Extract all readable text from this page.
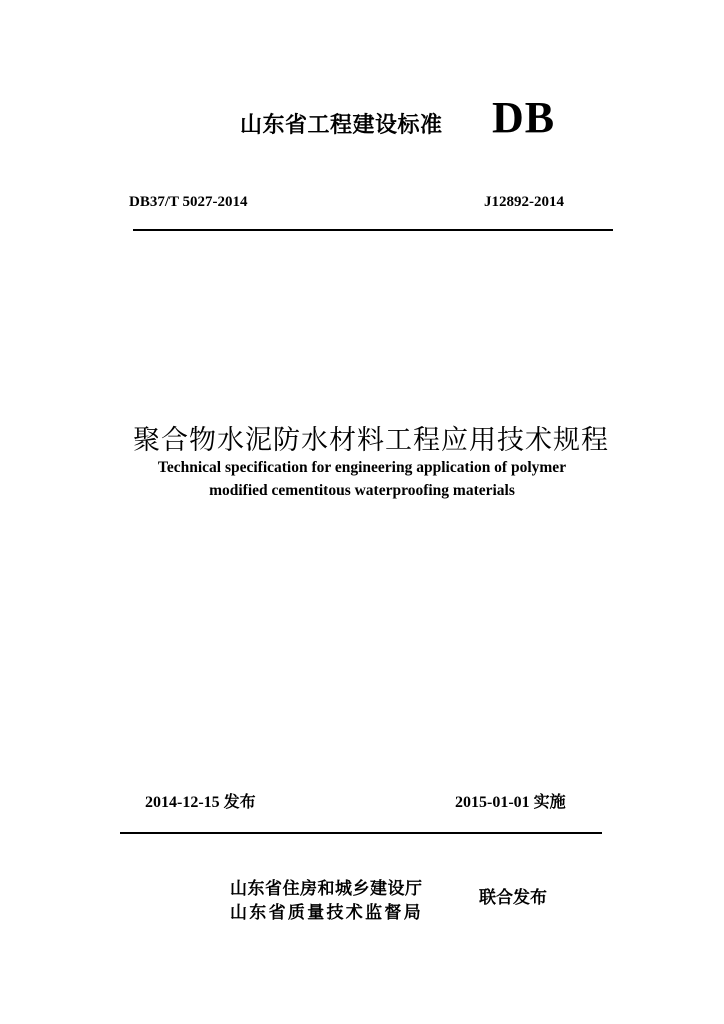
山东省工程建设标准 DB
DB37/T 5027-2014	J12892-2014
聚合物水泥防水材料工程应用技术规程
Technical specification for engineering application of polymer
modified cementitous waterproofing materials
2014-12-15 发布	2015-01-01 实施
山东省住房和城乡建设厅
山东省质量技术监督局
联合发布
